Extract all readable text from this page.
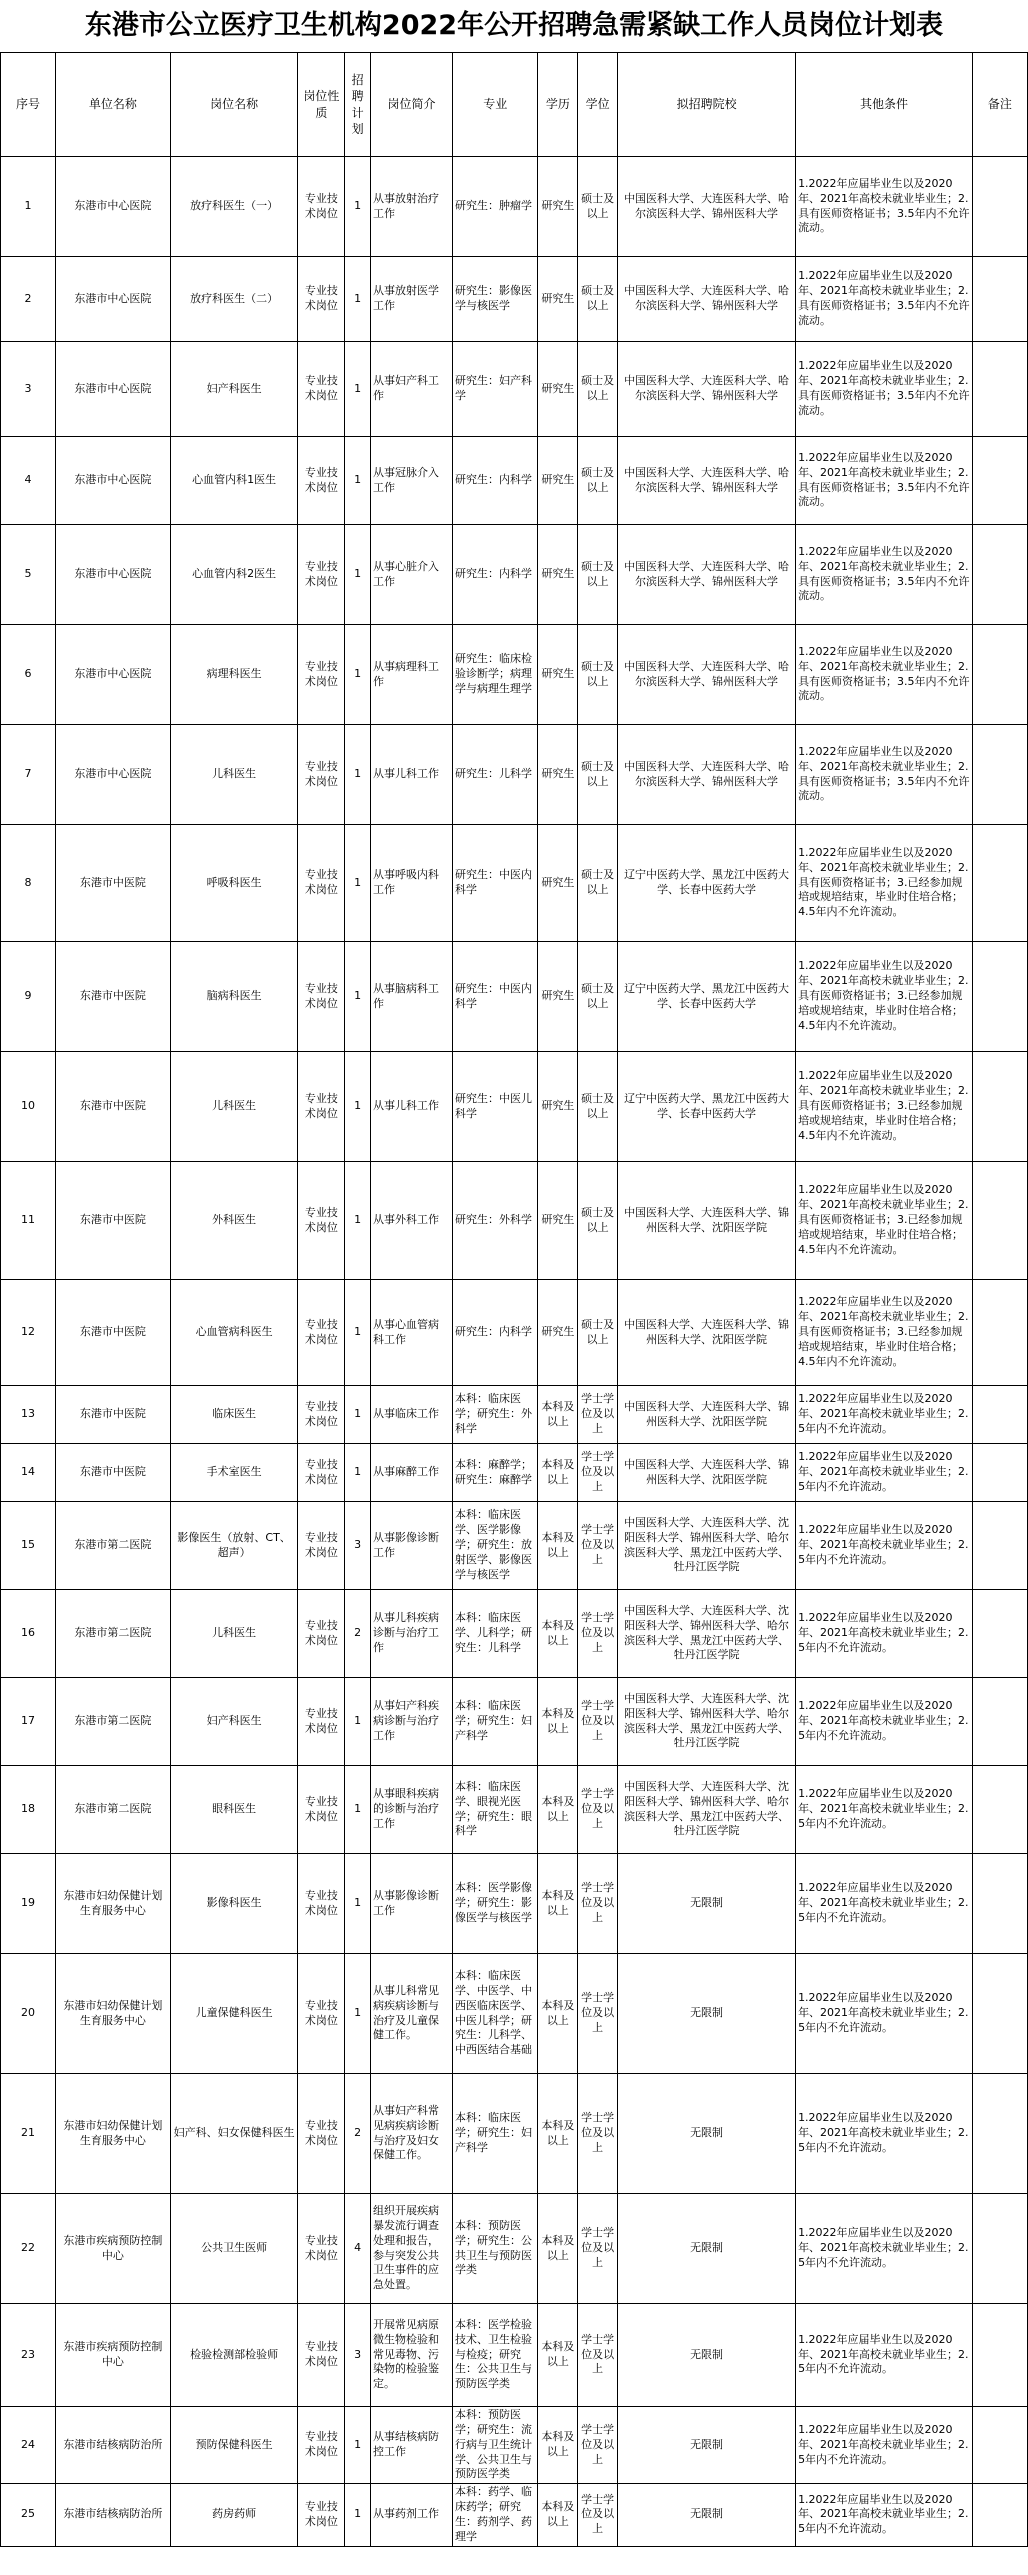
东港市公立医疗卫生机构2022年公开招聘急需紧缺工作人员岗位计划表
序号	单位名称	岗位名称	岗位性质	招聘计划	岗位简介	专业	学历	学位	拟招聘院校	其他条件	备注
1	东港市中心医院	放疗科医生（一）	专业技术岗位	1	从事放射治疗工作	研究生：肿瘤学	研究生	硕士及以上	中国医科大学、大连医科大学、哈尔滨医科大学、锦州医科大学	1.2022年应届毕业生以及2020年、2021年高校未就业毕业生；2.具有医师资格证书；3.5年内不允许流动。	
2	东港市中心医院	放疗科医生（二）	专业技术岗位	1	从事放射医学工作	研究生：影像医学与核医学	研究生	硕士及以上	中国医科大学、大连医科大学、哈尔滨医科大学、锦州医科大学	1.2022年应届毕业生以及2020年、2021年高校未就业毕业生；2.具有医师资格证书；3.5年内不允许流动。	
3	东港市中心医院	妇产科医生	专业技术岗位	1	从事妇产科工作	研究生：妇产科学	研究生	硕士及以上	中国医科大学、大连医科大学、哈尔滨医科大学、锦州医科大学	1.2022年应届毕业生以及2020年、2021年高校未就业毕业生；2.具有医师资格证书；3.5年内不允许流动。	
4	东港市中心医院	心血管内科1医生	专业技术岗位	1	从事冠脉介入工作	研究生：内科学	研究生	硕士及以上	中国医科大学、大连医科大学、哈尔滨医科大学、锦州医科大学	1.2022年应届毕业生以及2020年、2021年高校未就业毕业生；2.具有医师资格证书；3.5年内不允许流动。	
5	东港市中心医院	心血管内科2医生	专业技术岗位	1	从事心脏介入工作	研究生：内科学	研究生	硕士及以上	中国医科大学、大连医科大学、哈尔滨医科大学、锦州医科大学	1.2022年应届毕业生以及2020年、2021年高校未就业毕业生；2.具有医师资格证书；3.5年内不允许流动。	
6	东港市中心医院	病理科医生	专业技术岗位	1	从事病理科工作	研究生：临床检验诊断学；病理学与病理生理学	研究生	硕士及以上	中国医科大学、大连医科大学、哈尔滨医科大学、锦州医科大学	1.2022年应届毕业生以及2020年、2021年高校未就业毕业生；2.具有医师资格证书；3.5年内不允许流动。	
7	东港市中心医院	儿科医生	专业技术岗位	1	从事儿科工作	研究生：儿科学	研究生	硕士及以上	中国医科大学、大连医科大学、哈尔滨医科大学、锦州医科大学	1.2022年应届毕业生以及2020年、2021年高校未就业毕业生；2.具有医师资格证书；3.5年内不允许流动。	
8	东港市中医院	呼吸科医生	专业技术岗位	1	从事呼吸内科工作	研究生：中医内科学	研究生	硕士及以上	辽宁中医药大学、黑龙江中医药大学、长春中医药大学	1.2022年应届毕业生以及2020年、2021年高校未就业毕业生；2.具有医师资格证书；3.已经参加规培或规培结束，毕业时住培合格；4.5年内不允许流动。	
9	东港市中医院	脑病科医生	专业技术岗位	1	从事脑病科工作	研究生：中医内科学	研究生	硕士及以上	辽宁中医药大学、黑龙江中医药大学、长春中医药大学	1.2022年应届毕业生以及2020年、2021年高校未就业毕业生；2.具有医师资格证书；3.已经参加规培或规培结束，毕业时住培合格；4.5年内不允许流动。	
10	东港市中医院	儿科医生	专业技术岗位	1	从事儿科工作	研究生：中医儿科学	研究生	硕士及以上	辽宁中医药大学、黑龙江中医药大学、长春中医药大学	1.2022年应届毕业生以及2020年、2021年高校未就业毕业生；2.具有医师资格证书；3.已经参加规培或规培结束，毕业时住培合格；4.5年内不允许流动。	
11	东港市中医院	外科医生	专业技术岗位	1	从事外科工作	研究生：外科学	研究生	硕士及以上	中国医科大学、大连医科大学、锦州医科大学、沈阳医学院	1.2022年应届毕业生以及2020年、2021年高校未就业毕业生；2.具有医师资格证书；3.已经参加规培或规培结束，毕业时住培合格；4.5年内不允许流动。	
12	东港市中医院	心血管病科医生	专业技术岗位	1	从事心血管病科工作	研究生：内科学	研究生	硕士及以上	中国医科大学、大连医科大学、锦州医科大学、沈阳医学院	1.2022年应届毕业生以及2020年、2021年高校未就业毕业生；2.具有医师资格证书；3.已经参加规培或规培结束，毕业时住培合格；4.5年内不允许流动。	
13	东港市中医院	临床医生	专业技术岗位	1	从事临床工作	本科：临床医学；研究生：外科学	本科及以上	学士学位及以上	中国医科大学、大连医科大学、锦州医科大学、沈阳医学院	1.2022年应届毕业生以及2020年、2021年高校未就业毕业生；2.5年内不允许流动。	
14	东港市中医院	手术室医生	专业技术岗位	1	从事麻醉工作	本科：麻醉学；研究生：麻醉学	本科及以上	学士学位及以上	中国医科大学、大连医科大学、锦州医科大学、沈阳医学院	1.2022年应届毕业生以及2020年、2021年高校未就业毕业生；2.5年内不允许流动。	
15	东港市第二医院	影像医生（放射、CT、超声）	专业技术岗位	3	从事影像诊断工作	本科：临床医学、医学影像学；研究生：放射医学、影像医学与核医学	本科及以上	学士学位及以上	中国医科大学、大连医科大学、沈阳医科大学、锦州医科大学、哈尔滨医科大学、黑龙江中医药大学、牡丹江医学院	1.2022年应届毕业生以及2020年、2021年高校未就业毕业生；2.5年内不允许流动。	
16	东港市第二医院	儿科医生	专业技术岗位	2	从事儿科疾病诊断与治疗工作	本科：临床医学、儿科学；研究生：儿科学	本科及以上	学士学位及以上	中国医科大学、大连医科大学、沈阳医科大学、锦州医科大学、哈尔滨医科大学、黑龙江中医药大学、牡丹江医学院	1.2022年应届毕业生以及2020年、2021年高校未就业毕业生；2.5年内不允许流动。	
17	东港市第二医院	妇产科医生	专业技术岗位	1	从事妇产科疾病诊断与治疗工作	本科：临床医学；研究生：妇产科学	本科及以上	学士学位及以上	中国医科大学、大连医科大学、沈阳医科大学、锦州医科大学、哈尔滨医科大学、黑龙江中医药大学、牡丹江医学院	1.2022年应届毕业生以及2020年、2021年高校未就业毕业生；2.5年内不允许流动。	
18	东港市第二医院	眼科医生	专业技术岗位	1	从事眼科疾病的诊断与治疗工作	本科：临床医学、眼视光医学；研究生：眼科学	本科及以上	学士学位及以上	中国医科大学、大连医科大学、沈阳医科大学、锦州医科大学、哈尔滨医科大学、黑龙江中医药大学、牡丹江医学院	1.2022年应届毕业生以及2020年、2021年高校未就业毕业生；2.5年内不允许流动。	
19	东港市妇幼保健计划生育服务中心	影像科医生	专业技术岗位	1	从事影像诊断工作	本科：医学影像学；研究生：影像医学与核医学	本科及以上	学士学位及以上	无限制	1.2022年应届毕业生以及2020年、2021年高校未就业毕业生；2.5年内不允许流动。	
20	东港市妇幼保健计划生育服务中心	儿童保健科医生	专业技术岗位	1	从事儿科常见病疾病诊断与治疗及儿童保健工作。	本科：临床医学、中医学、中西医临床医学、中医儿科学；研究生：儿科学、中西医结合基础	本科及以上	学士学位及以上	无限制	1.2022年应届毕业生以及2020年、2021年高校未就业毕业生；2.5年内不允许流动。	
21	东港市妇幼保健计划生育服务中心	妇产科、妇女保健科医生	专业技术岗位	2	从事妇产科常见病疾病诊断与治疗及妇女保健工作。	本科：临床医学；研究生：妇产科学	本科及以上	学士学位及以上	无限制	1.2022年应届毕业生以及2020年、2021年高校未就业毕业生；2.5年内不允许流动。	
22	东港市疾病预防控制中心	公共卫生医师	专业技术岗位	4	组织开展疾病暴发流行调查处理和报告，参与突发公共卫生事件的应急处置。	本科：预防医学；研究生：公共卫生与预防医学类	本科及以上	学士学位及以上	无限制	1.2022年应届毕业生以及2020年、2021年高校未就业毕业生；2.5年内不允许流动。	
23	东港市疾病预防控制中心	检验检测部检验师	专业技术岗位	3	开展常见病原微生物检验和常见毒物、污染物的检验鉴定。	本科：医学检验技术、卫生检验与检疫；研究生：公共卫生与预防医学类	本科及以上	学士学位及以上	无限制	1.2022年应届毕业生以及2020年、2021年高校未就业毕业生；2.5年内不允许流动。	
24	东港市结核病防治所	预防保健科医生	专业技术岗位	1	从事结核病防控工作	本科：预防医学；研究生：流行病与卫生统计学、公共卫生与预防医学类	本科及以上	学士学位及以上	无限制	1.2022年应届毕业生以及2020年、2021年高校未就业毕业生；2.5年内不允许流动。	
25	东港市结核病防治所	药房药师	专业技术岗位	1	从事药剂工作	本科：药学、临床药学；研究生：药剂学、药理学	本科及以上	学士学位及以上	无限制	1.2022年应届毕业生以及2020年、2021年高校未就业毕业生；2.5年内不允许流动。	
